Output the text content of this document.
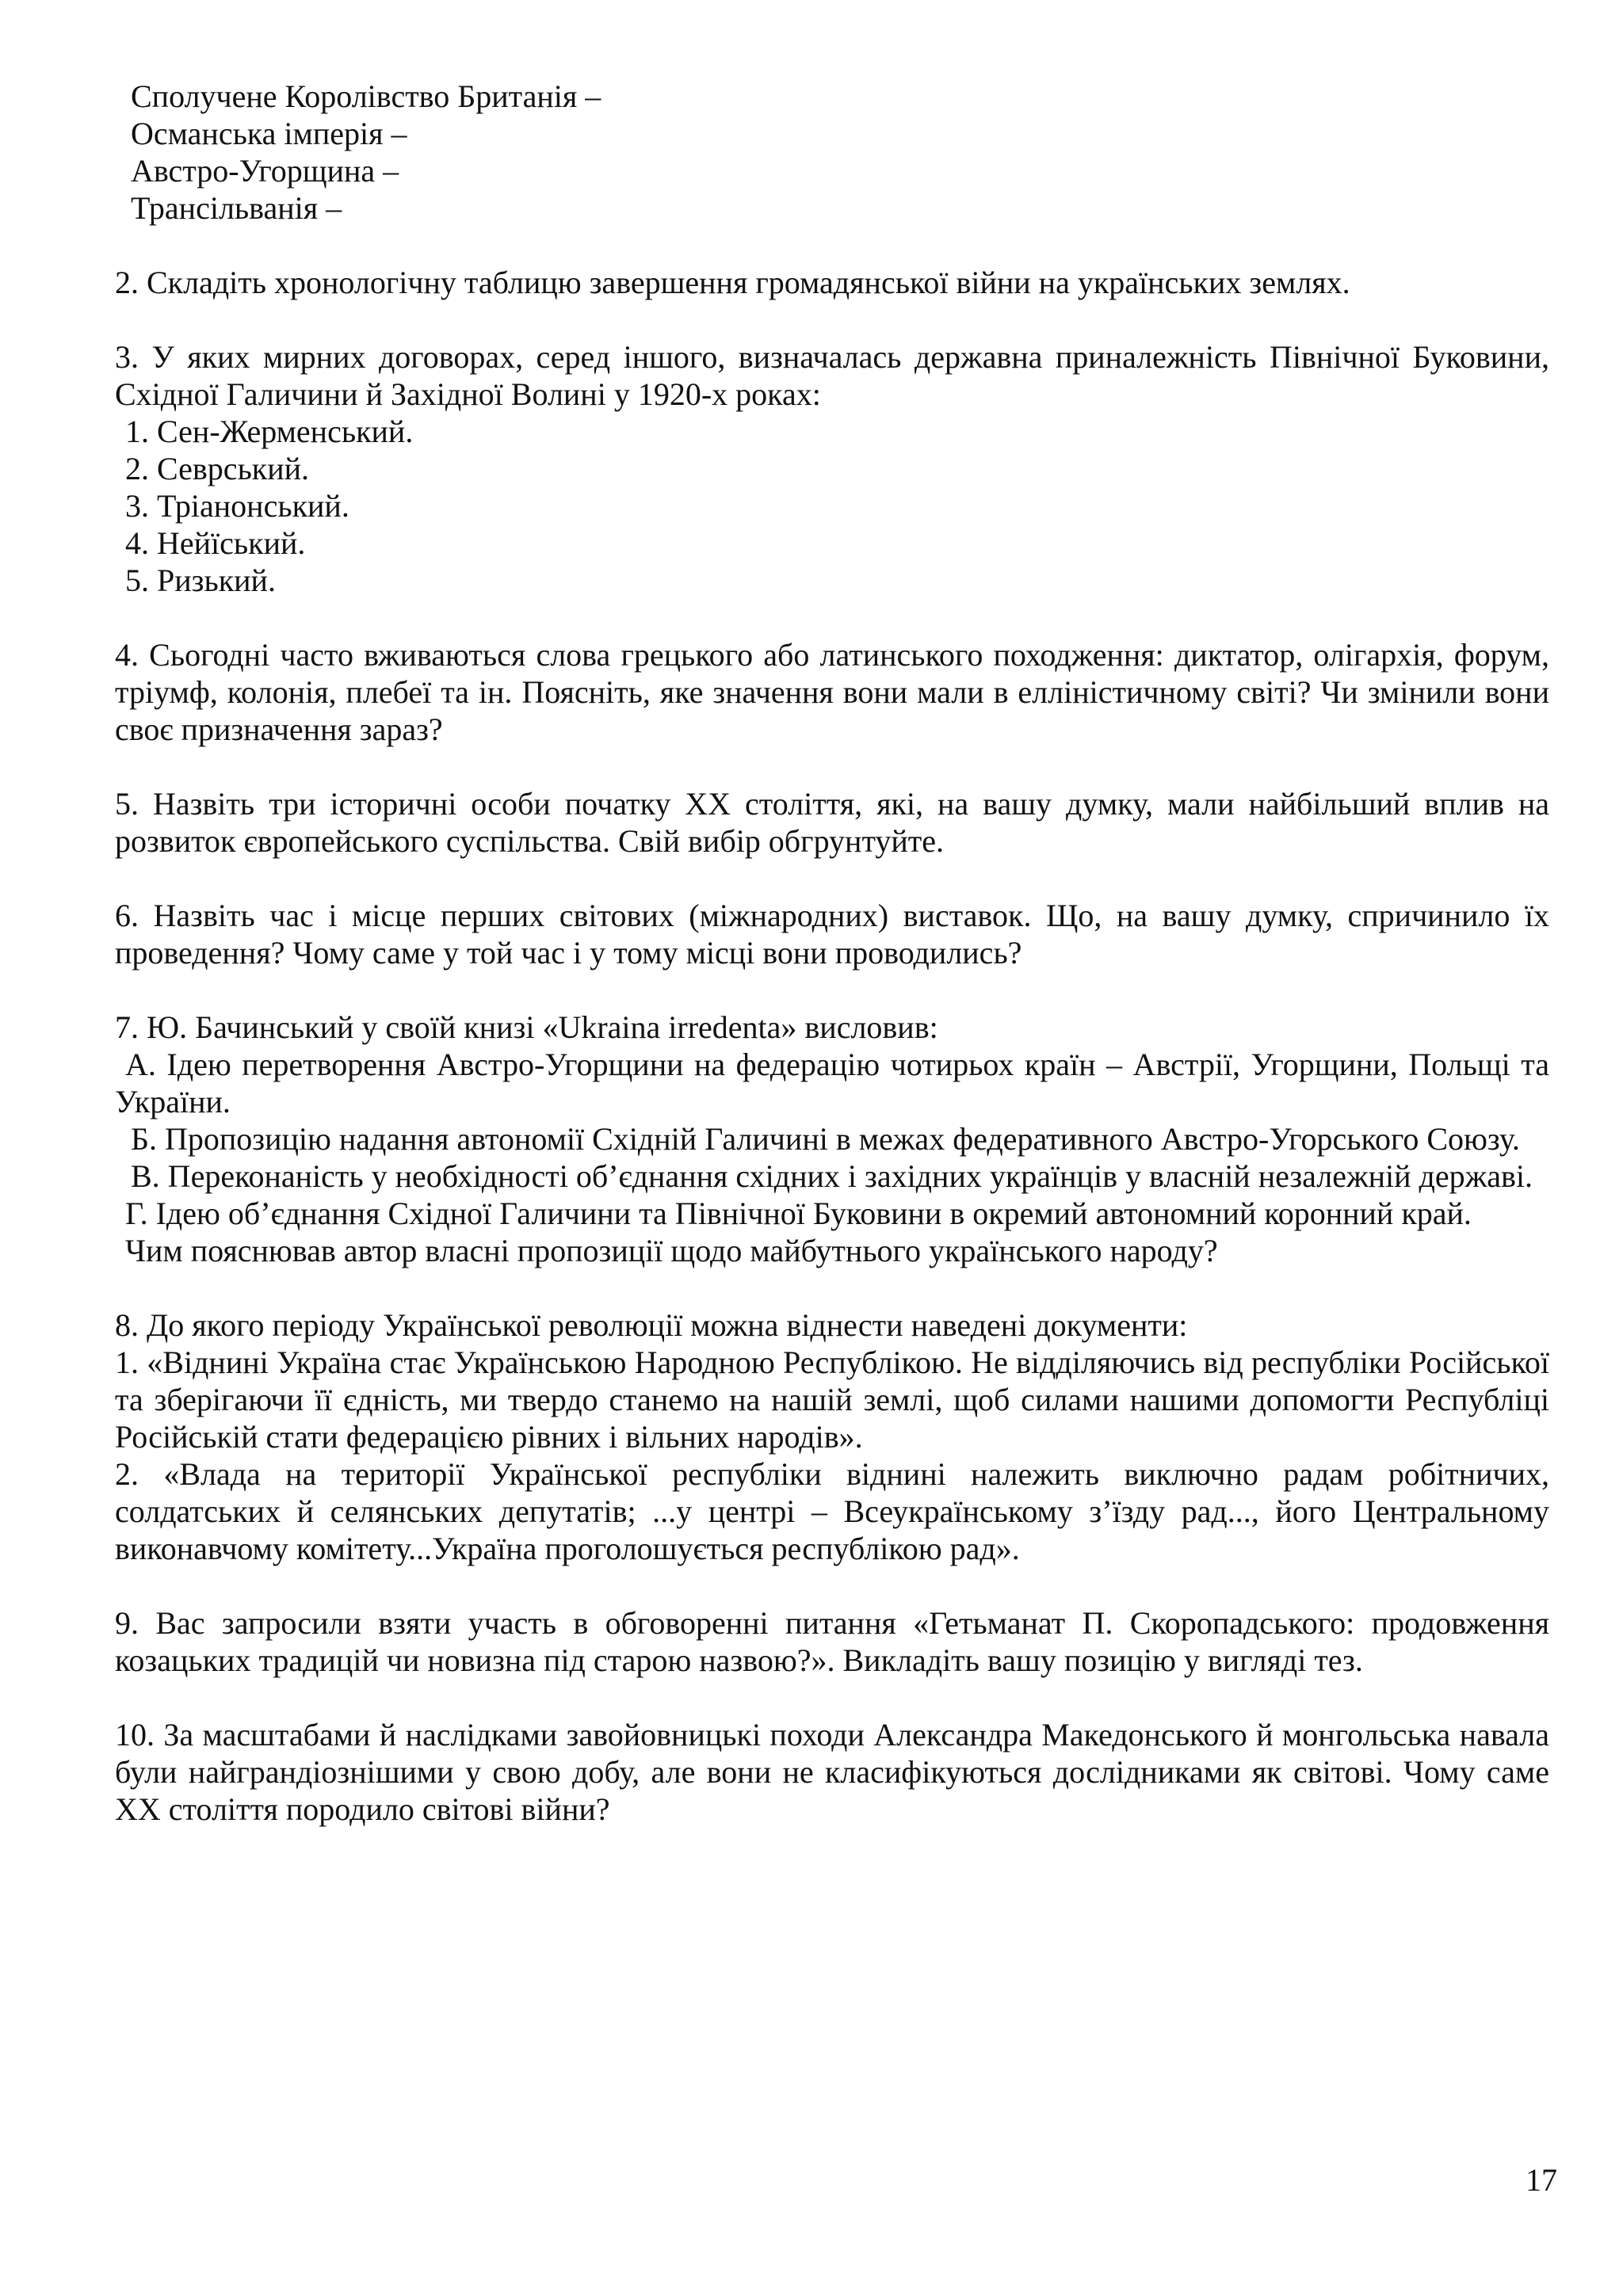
Сполучене Королівство Британія –
Османська імперія –
Австро-Угорщина –
Трансільванія –

2. Складіть хронологічну таблицю завершення громадянської війни на українських землях.

3. У яких мирних договорах, серед іншого, визначалась державна приналежність Північної Буковини, Східної Галичини й Західної Волині у 1920-х роках:

1. Сен-Жерменський.
2. Севрський.
3. Тріанонський.
4. Нейїський.
5. Ризький.

4. Сьогодні часто вживаються слова грецького або латинського походження: диктатор, олігархія, форум, тріумф, колонія, плебеї та ін. Поясніть, яке значення вони мали в елліністичному світі? Чи змінили вони своє призначення зараз?

5. Назвіть три історичні особи початку XX століття, які, на вашу думку, мали найбільший вплив на розвиток європейського суспільства. Свій вибір обгрунтуйте.

6. Назвіть час і місце перших світових (міжнародних) виставок. Що, на вашу думку, спричинило їх проведення? Чому саме у той час і у тому місці вони проводились?

7. Ю. Бачинський у своїй книзі «Ukraina irredenta» висловив:

А. Ідею перетворення Австро-Угорщини на федерацію чотирьох країн – Австрії, Угорщини, Польщі та України.

Б. Пропозицію надання автономії Східній Галичині в межах федеративного Австро-Угорського Союзу.

В. Переконаність у необхідності об’єднання східних і західних українців у власній незалежній державі.

Г. Ідею об’єднання Східної Галичини та Північної Буковини в окремий автономний коронний край.

Чим пояснював автор власні пропозиції щодо майбутнього українського народу?

8. До якого періоду Української революції можна віднести наведені документи:

1. «Віднині Україна стає Українською Народною Республікою. Не відділяючись від республіки Російської та зберігаючи її єдність, ми твердо станемо на нашій землі, щоб силами нашими допомогти Республіці Російській стати федерацією рівних і вільних народів».

2. «Влада на території Української республіки віднині належить виключно радам робітничих, солдатських й селянських депутатів; ...у центрі – Всеукраїнському з’їзду рад..., його Центральному виконавчому комітету...Україна проголошується республікою рад».

9. Вас запросили взяти участь в обговоренні питання «Гетьманат П. Скоропадського: продовження козацьких традицій чи новизна під старою назвою?». Викладіть вашу позицію у вигляді тез.

10. За масштабами й наслідками завойовницькі походи Александра Македонського й монгольська навала були найграндіознішими у свою добу, але вони не класифікуються дослідниками як світові. Чому саме XX століття породило світові війни?

17
